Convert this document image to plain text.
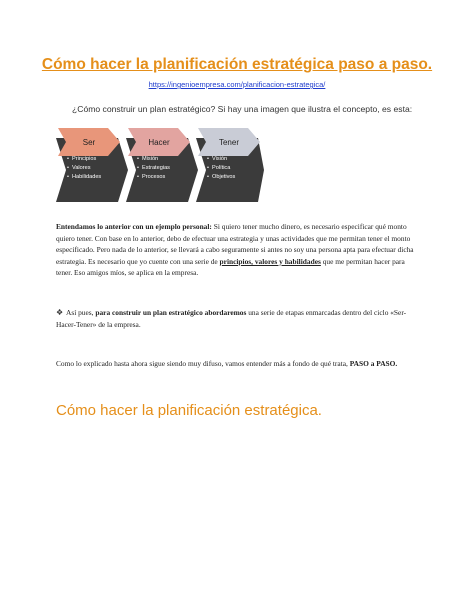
Cómo hacer la planificación estratégica paso a paso.
https://ingenioempresa.com/planificacion-estrategica/
¿Cómo construir un plan estratégico? Si hay una imagen que ilustra el concepto, es esta:
Principios
Valores
Habilidades
•
•
•
Ser
Misión
Estrategias
Procesos
•
•
•
Hacer
Visión
Política
Objetivos
•
•
•
Tener
Entendamos lo anterior con un ejemplo personal: Si quiero tener mucho dinero, es necesario especificar qué monto quiero tener. Con base en lo anterior, debo de efectuar una estrategia y unas actividades que me permitan tener el monto especificado. Pero nada de lo anterior, se llevará a cabo seguramente si antes no soy una persona apta para efectuar dicha estrategia. Es necesario que yo cuente con una serie de principios, valores y habilidades que me permitan hacer para tener. Eso amigos míos, se aplica en la empresa.
❖ Así pues, para construir un plan estratégico abordaremos una serie de etapas enmarcadas dentro del ciclo «Ser-Hacer-Tener» de la empresa.
Como lo explicado hasta ahora sigue siendo muy difuso, vamos entender más a fondo de qué trata, PASO a PASO.
Cómo hacer la planificación estratégica.
